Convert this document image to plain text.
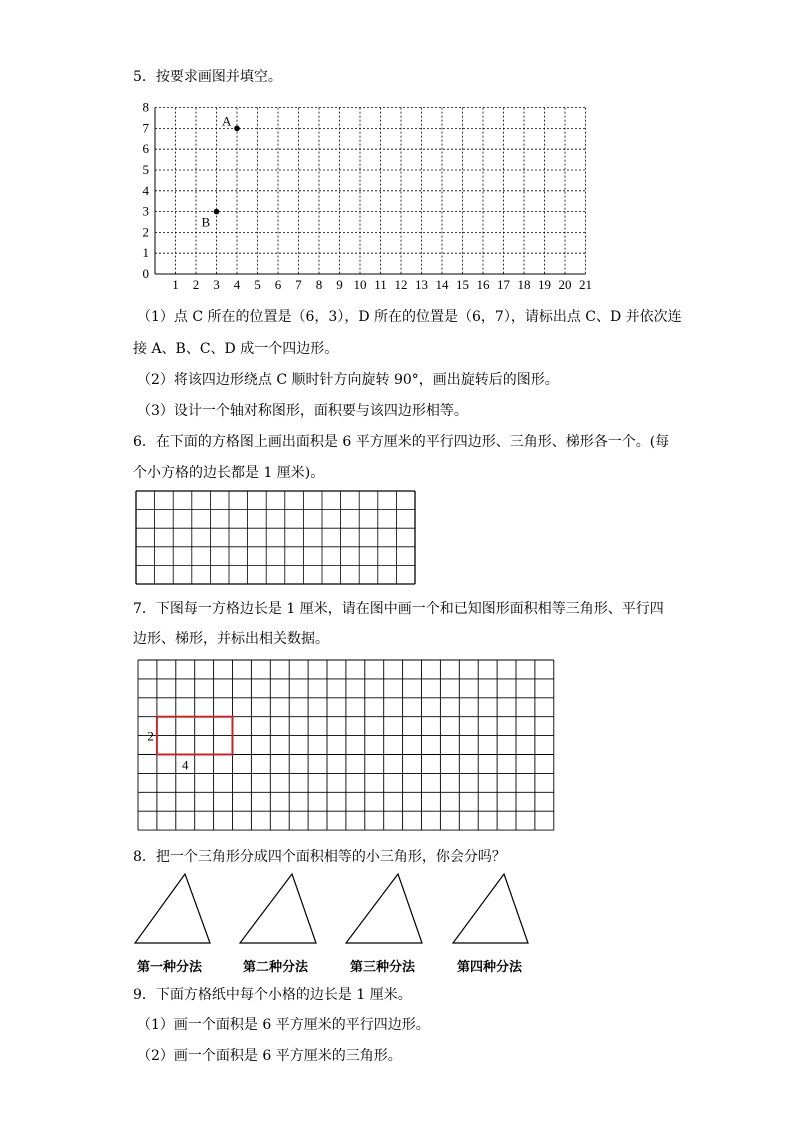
5．按要求画图并填空。
1 2 3 4 5 6 7 8 9 10 11 12 13 14 15 16 17 18 19 20 21
0
1
2
3
4
5
6
7
8
A
B
（1）点 C 所在的位置是（6，3），D 所在的位置是（6，7），请标出点 C、D 并依次连
接 A、B、C、D 成一个四边形。
（2）将该四边形绕点 C 顺时针方向旋转 90°，画出旋转后的图形。
（3）设计一个轴对称图形，面积要与该四边形相等。
6．在下面的方格图上画出面积是 6 平方厘米的平行四边形、三角形、梯形各一个。(每
个小方格的边长都是 1 厘米)。
7．下图每一方格边长是 1 厘米，请在图中画一个和已知图形面积相等三角形、平行四
边形、梯形，并标出相关数据。
2
4
8．把一个三角形分成四个面积相等的小三角形，你会分吗？
第一种分法	第二种分法	第三种分法	第四种分法
9．下面方格纸中每个小格的边长是 1 厘米。
（1）画一个面积是 6 平方厘米的平行四边形。
（2）画一个面积是 6 平方厘米的三角形。
